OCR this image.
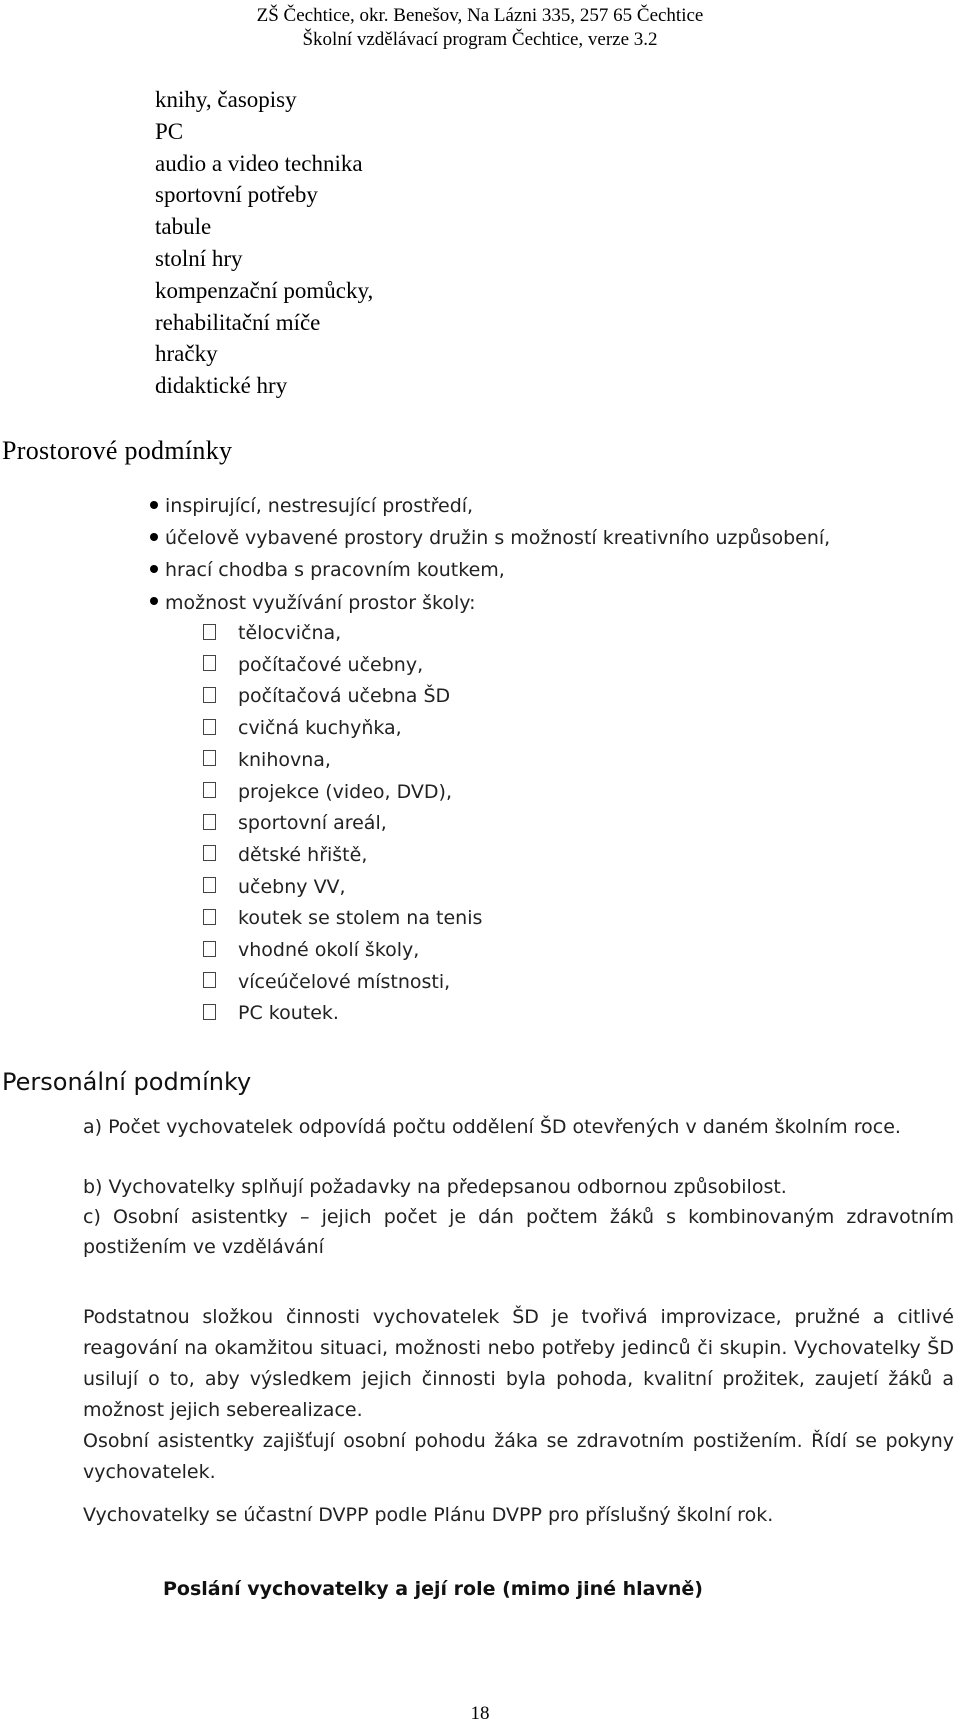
ZŠ Čechtice, okr. Benešov, Na Lázni 335, 257 65 Čechtice
Školní vzdělávací program Čechtice, verze 3.2
knihy, časopisy
PC
audio a video technika
sportovní potřeby
tabule
stolní hry
kompenzační pomůcky,
rehabilitační míče
hračky
didaktické hry
Prostorové podmínky
inspirující, nestresující prostředí,
účelově vybavené prostory družin s možností kreativního uzpůsobení,
hrací chodba s pracovním koutkem,
možnost využívání prostor školy:
tělocvična,
počítačové učebny,
počítačová učebna ŠD
cvičná kuchyňka,
knihovna,
projekce (video, DVD),
sportovní areál,
dětské hřiště,
učebny VV,
koutek se stolem na tenis
vhodné okolí školy,
víceúčelové místnosti,
PC koutek.
Personální podmínky

a) Počet vychovatelek odpovídá počtu oddělení ŠD otevřených v daném školním roce.

b) Vychovatelky splňují požadavky na předepsanou odbornou způsobilost.

c) Osobní asistentky – jejich počet je dán počtem žáků s kombinovaným zdravotním postižením ve vzdělávání

Podstatnou složkou činnosti vychovatelek ŠD je tvořivá improvizace, pružné a citlivé reagování na okamžitou situaci, možnosti nebo potřeby jedinců či skupin. Vychovatelky ŠD usilují o to, aby výsledkem jejich činnosti byla pohoda, kvalitní prožitek, zaujetí žáků a možnost jejich seberealizace.

Osobní asistentky zajišťují osobní pohodu žáka se zdravotním postižením. Řídí se pokyny vychovatelek.

Vychovatelky se účastní DVPP podle Plánu DVPP pro příslušný školní rok.

Poslání vychovatelky a její role (mimo jiné hlavně)
18
